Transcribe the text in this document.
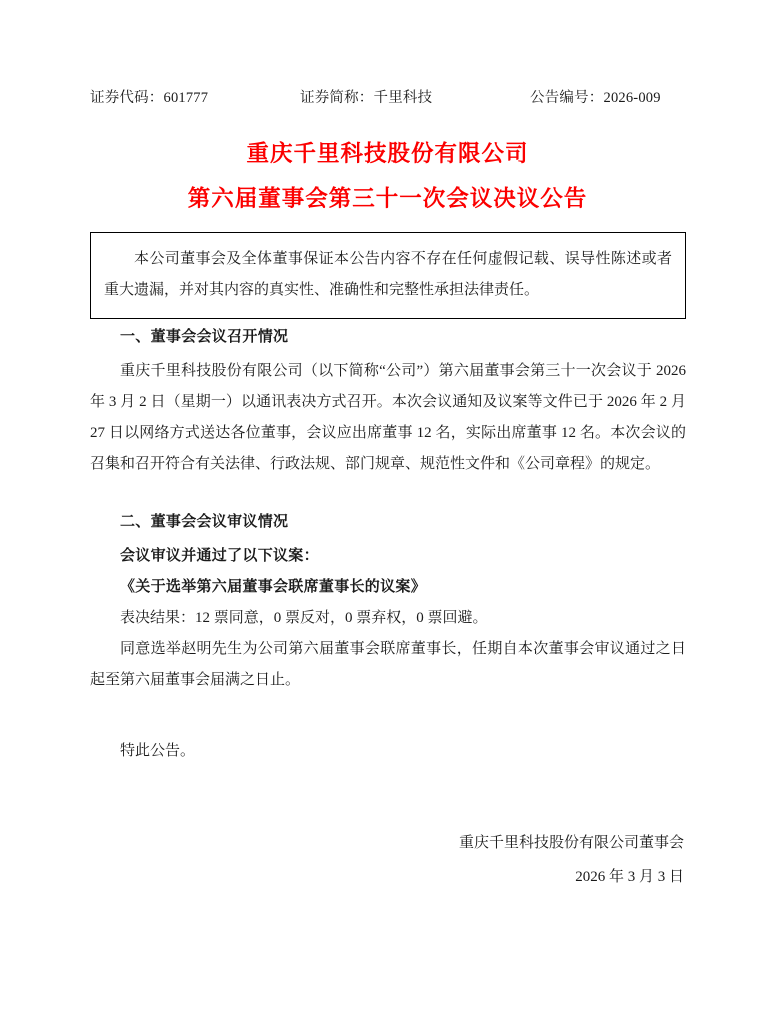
证券代码：601777	证券简称：千里科技	公告编号：2026-009
重庆千里科技股份有限公司
第六届董事会第三十一次会议决议公告

本公司董事会及全体董事保证本公告内容不存在任何虚假记载、误导性陈述或者重大遗漏，并对其内容的真实性、准确性和完整性承担法律责任。

一、董事会会议召开情况

重庆千里科技股份有限公司（以下简称“公司”）第六届董事会第三十一次会议于 2026 年 3 月 2 日（星期一）以通讯表决方式召开。本次会议通知及议案等文件已于 2026 年 2 月 27 日以网络方式送达各位董事，会议应出席董事 12 名，实际出席董事 12 名。本次会议的召集和召开符合有关法律、行政法规、部门规章、规范性文件和《公司章程》的规定。

二、董事会会议审议情况

会议审议并通过了以下议案：

《关于选举第六届董事会联席董事长的议案》

表决结果：12 票同意，0 票反对，0 票弃权，0 票回避。

同意选举赵明先生为公司第六届董事会联席董事长，任期自本次董事会审议通过之日起至第六届董事会届满之日止。

特此公告。

重庆千里科技股份有限公司董事会

2026 年 3 月 3 日
